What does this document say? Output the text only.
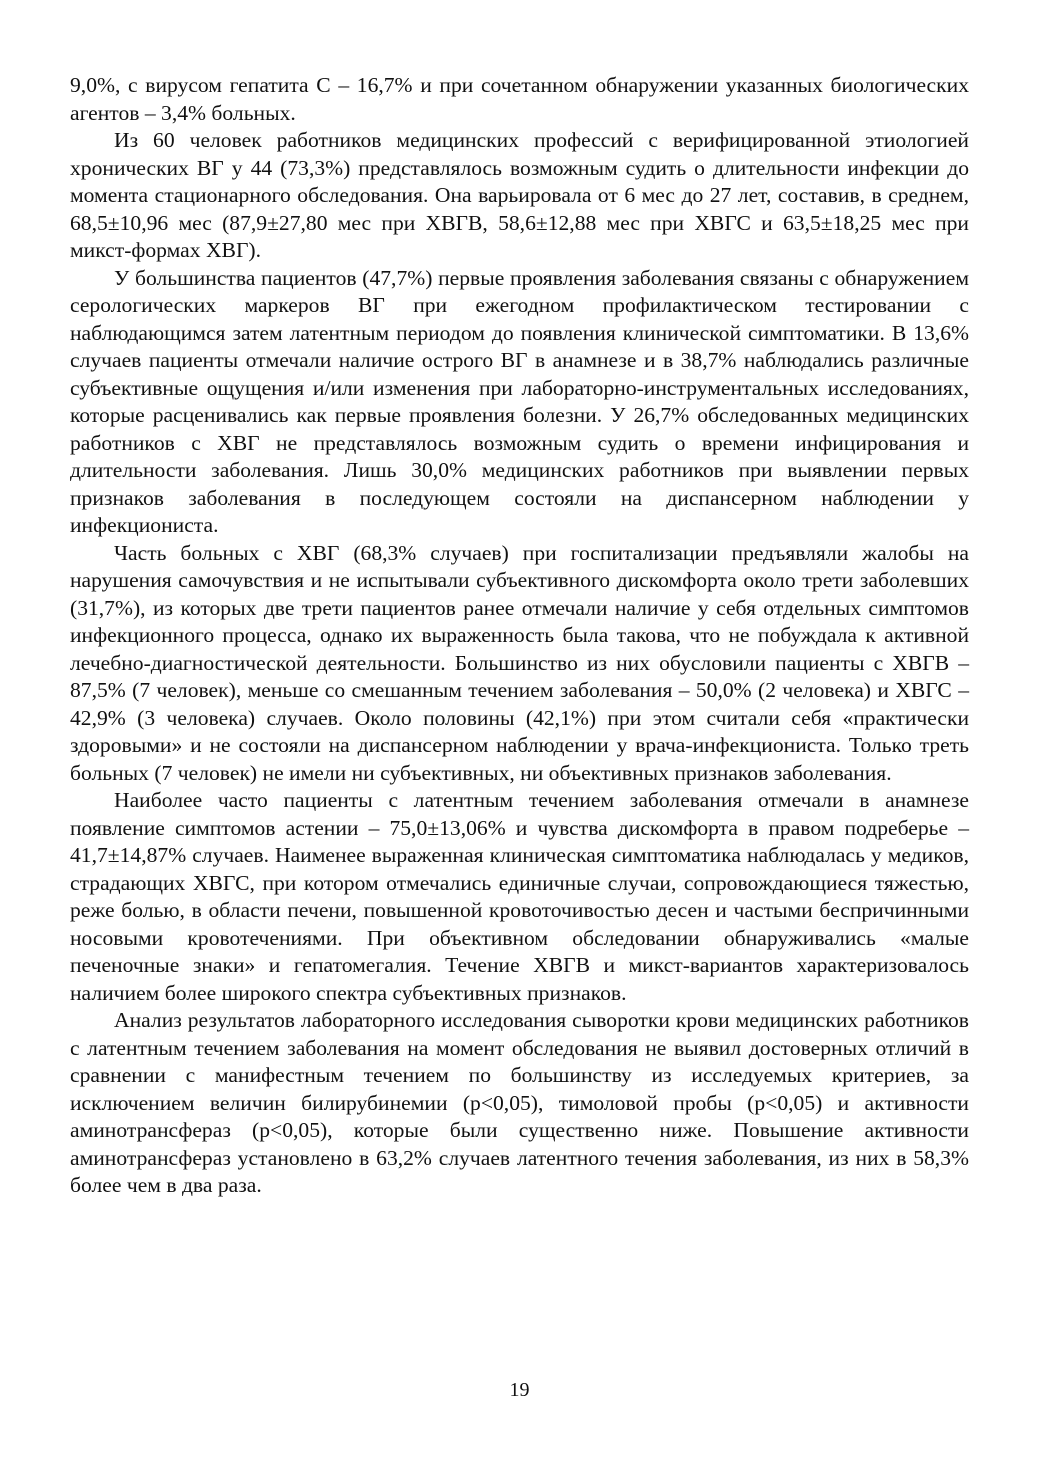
9,0%, с вирусом гепатита С – 16,7% и при сочетанном обнаружении указанных биологических агентов – 3,4% больных.

Из 60 человек работников медицинских профессий с верифицированной этиологией хронических ВГ у 44 (73,3%) представлялось возможным судить о длительности инфекции до момента стационарного обследования. Она варьировала от 6 мес до 27 лет, составив, в среднем, 68,5±10,96 мес (87,9±27,80 мес при ХВГВ, 58,6±12,88 мес при ХВГС и 63,5±18,25 мес при микст-формах ХВГ).

У большинства пациентов (47,7%) первые проявления заболевания связаны с обнаружением серологических маркеров ВГ при ежегодном профилактическом тестировании с наблюдающимся затем латентным периодом до появления клинической симптоматики. В 13,6% случаев пациенты отмечали наличие острого ВГ в анамнезе и в 38,7% наблюдались различные субъективные ощущения и/или изменения при лабораторно-инструментальных исследованиях, которые расценивались как первые проявления болезни. У 26,7% обследованных медицинских работников с ХВГ не представлялось возможным судить о времени инфицирования и длительности заболевания. Лишь 30,0% медицинских работников при выявлении первых признаков заболевания в последующем состояли на диспансерном наблюдении у инфекциониста.

Часть больных с ХВГ (68,3% случаев) при госпитализации предъявляли жалобы на нарушения самочувствия и не испытывали субъективного дискомфорта около трети заболевших (31,7%), из которых две трети пациентов ранее отмечали наличие у себя отдельных симптомов инфекционного процесса, однако их выраженность была такова, что не побуждала к активной лечебно-диагностической деятельности. Большинство из них обусловили пациенты с ХВГВ – 87,5% (7 человек), меньше со смешанным течением заболевания – 50,0% (2 человека) и ХВГС – 42,9% (3 человека) случаев. Около половины (42,1%) при этом считали себя «практически здоровыми» и не состояли на диспансерном наблюдении у врача-инфекциониста. Только треть больных (7 человек) не имели ни субъективных, ни объективных признаков заболевания.

Наиболее часто пациенты с латентным течением заболевания отмечали в анамнезе появление симптомов астении – 75,0±13,06% и чувства дискомфорта в правом подреберье – 41,7±14,87% случаев. Наименее выраженная клиническая симптоматика наблюдалась у медиков, страдающих ХВГС, при котором отмечались единичные случаи, сопровождающиеся тяжестью, реже болью, в области печени, повышенной кровоточивостью десен и частыми беспричинными носовыми кровотечениями. При объективном обследовании обнаруживались «малые печеночные знаки» и гепатомегалия. Течение ХВГВ и микст-вариантов характеризовалось наличием более широкого спектра субъективных признаков.

Анализ результатов лабораторного исследования сыворотки крови медицинских работников с латентным течением заболевания на момент обследования не выявил достоверных отличий в сравнении с манифестным течением по большинству из исследуемых критериев, за исключением величин билирубинемии (р<0,05), тимоловой пробы (р<0,05) и активности аминотрансфераз (р<0,05), которые были существенно ниже. Повышение активности аминотрансфераз установлено в 63,2% случаев латентного течения заболевания, из них в 58,3% более чем в два раза.

19
